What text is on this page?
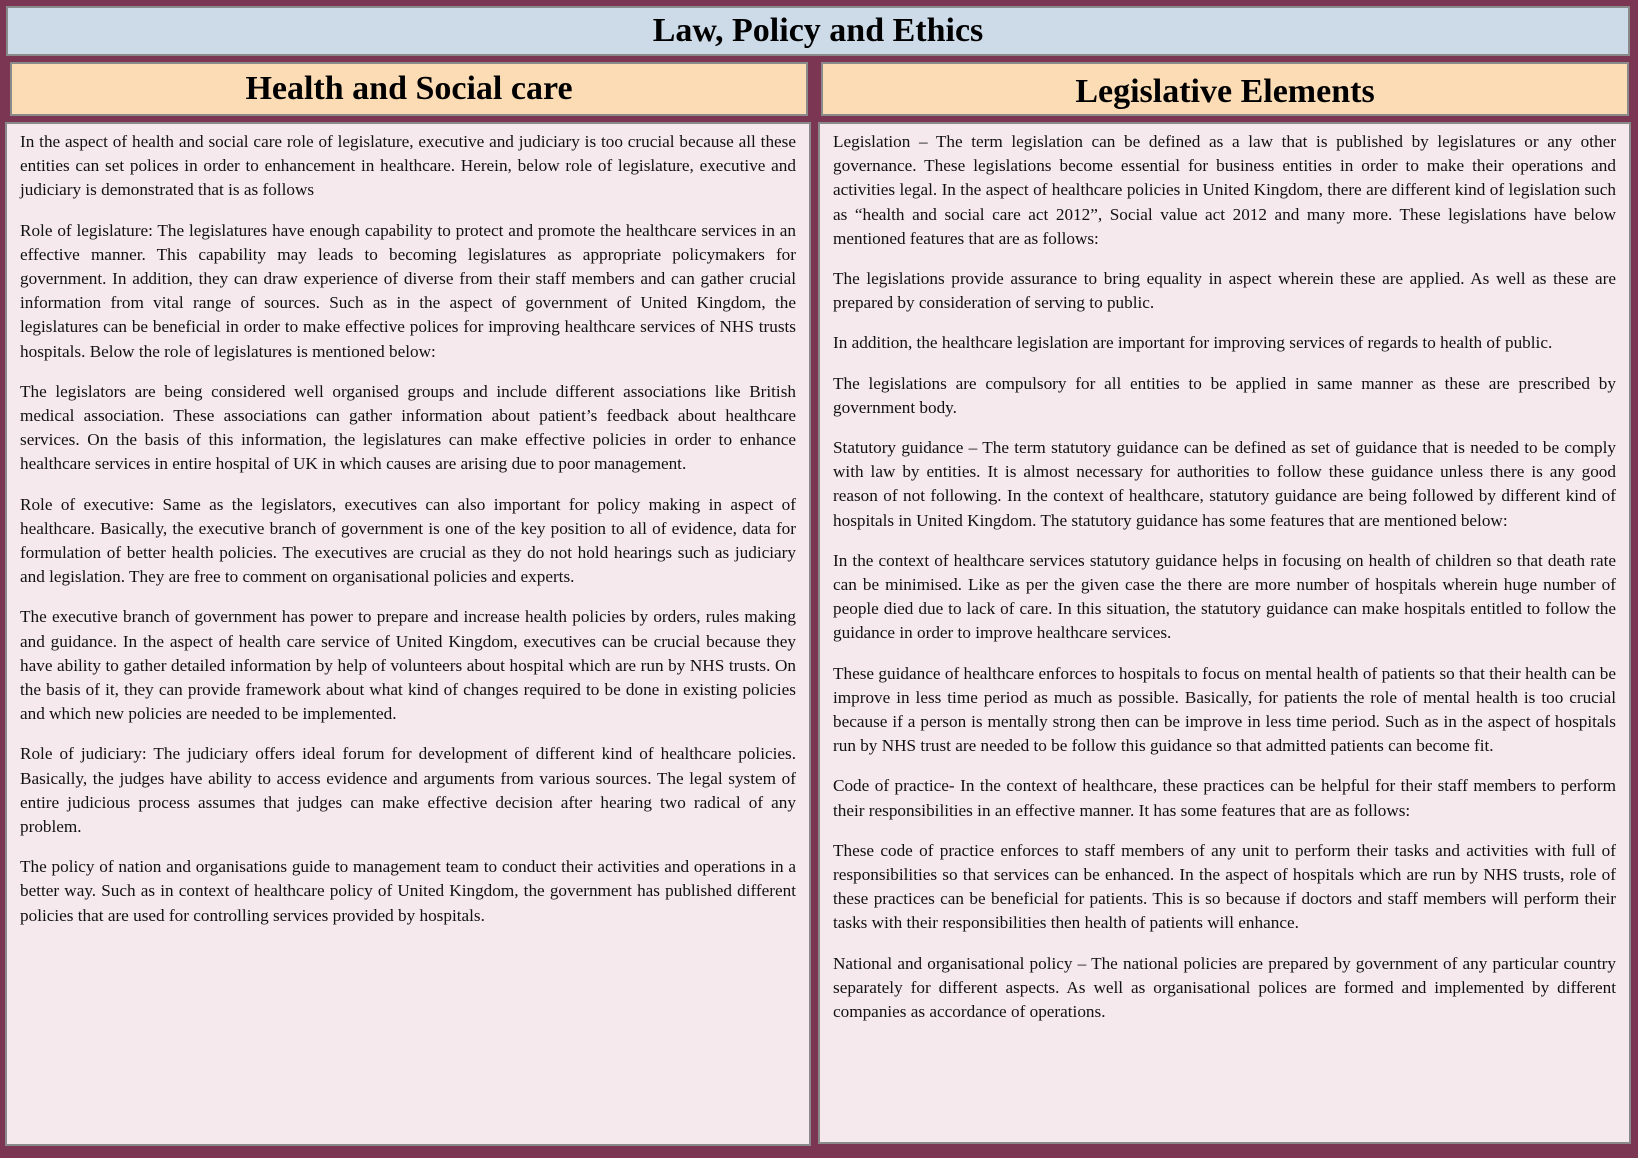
Law, Policy and Ethics
Health and Social care	Legislative Elements

In the aspect of health and social care role of legislature, executive and judiciary is too crucial because all these entities can set polices in order to enhancement in healthcare. Herein, below role of legislature, executive and judiciary is demonstrated that is as follows

Role of legislature: The legislatures have enough capability to protect and promote the healthcare services in an effective manner. This capability may leads to becoming legislatures as appropriate policymakers for government. In addition, they can draw experience of diverse from their staff members and can gather crucial information from vital range of sources. Such as in the aspect of government of United Kingdom, the legislatures can be beneficial in order to make effective polices for improving healthcare services of NHS trusts hospitals. Below the role of legislatures is mentioned below:

The legislators are being considered well organised groups and include different associations like British medical association. These associations can gather information about patient’s feedback about healthcare services. On the basis of this information, the legislatures can make effective policies in order to enhance healthcare services in entire hospital of UK in which causes are arising due to poor management.

Role of executive: Same as the legislators, executives can also important for policy making in aspect of healthcare. Basically, the executive branch of government is one of the key position to all of evidence, data for formulation of better health policies. The executives are crucial as they do not hold hearings such as judiciary and legislation. They are free to comment on organisational policies and experts.

The executive branch of government has power to prepare and increase health policies by orders, rules making and guidance. In the aspect of health care service of United Kingdom, executives can be crucial because they have ability to gather detailed information by help of volunteers about hospital which are run by NHS trusts. On the basis of it, they can provide framework about what kind of changes required to be done in existing policies and which new policies are needed to be implemented.

Role of judiciary: The judiciary offers ideal forum for development of different kind of healthcare policies. Basically, the judges have ability to access evidence and arguments from various sources. The legal system of entire judicious process assumes that judges can make effective decision after hearing two radical of any problem.

The policy of nation and organisations guide to management team to conduct their activities and operations in a better way. Such as in context of healthcare policy of United Kingdom, the government has published different policies that are used for controlling services provided by hospitals.

Legislation – The term legislation can be defined as a law that is published by legislatures or any other governance. These legislations become essential for business entities in order to make their operations and activities legal. In the aspect of healthcare policies in United Kingdom, there are different kind of legislation such as “health and social care act 2012”, Social value act 2012 and many more. These legislations have below mentioned features that are as follows:

The legislations provide assurance to bring equality in aspect wherein these are applied. As well as these are prepared by consideration of serving to public.

In addition, the healthcare legislation are important for improving services of regards to health of public.

The legislations are compulsory for all entities to be applied in same manner as these are prescribed by government body.

Statutory guidance – The term statutory guidance can be defined as set of guidance that is needed to be comply with law by entities. It is almost necessary for authorities to follow these guidance unless there is any good reason of not following. In the context of healthcare, statutory guidance are being followed by different kind of hospitals in United Kingdom. The statutory guidance has some features that are mentioned below:

In the context of healthcare services statutory guidance helps in focusing on health of children so that death rate can be minimised. Like as per the given case the there are more number of hospitals wherein huge number of people died due to lack of care. In this situation, the statutory guidance can make hospitals entitled to follow the guidance in order to improve healthcare services.

These guidance of healthcare enforces to hospitals to focus on mental health of patients so that their health can be improve in less time period as much as possible. Basically, for patients the role of mental health is too crucial because if a person is mentally strong then can be improve in less time period. Such as in the aspect of hospitals run by NHS trust are needed to be follow this guidance so that admitted patients can become fit.

Code of practice- In the context of healthcare, these practices can be helpful for their staff members to perform their responsibilities in an effective manner. It has some features that are as follows:

These code of practice enforces to staff members of any unit to perform their tasks and activities with full of responsibilities so that services can be enhanced. In the aspect of hospitals which are run by NHS trusts, role of these practices can be beneficial for patients. This is so because if doctors and staff members will perform their tasks with their responsibilities then health of patients will enhance.

National and organisational policy – The national policies are prepared by government of any particular country separately for different aspects. As well as organisational polices are formed and implemented by different companies as accordance of operations.
